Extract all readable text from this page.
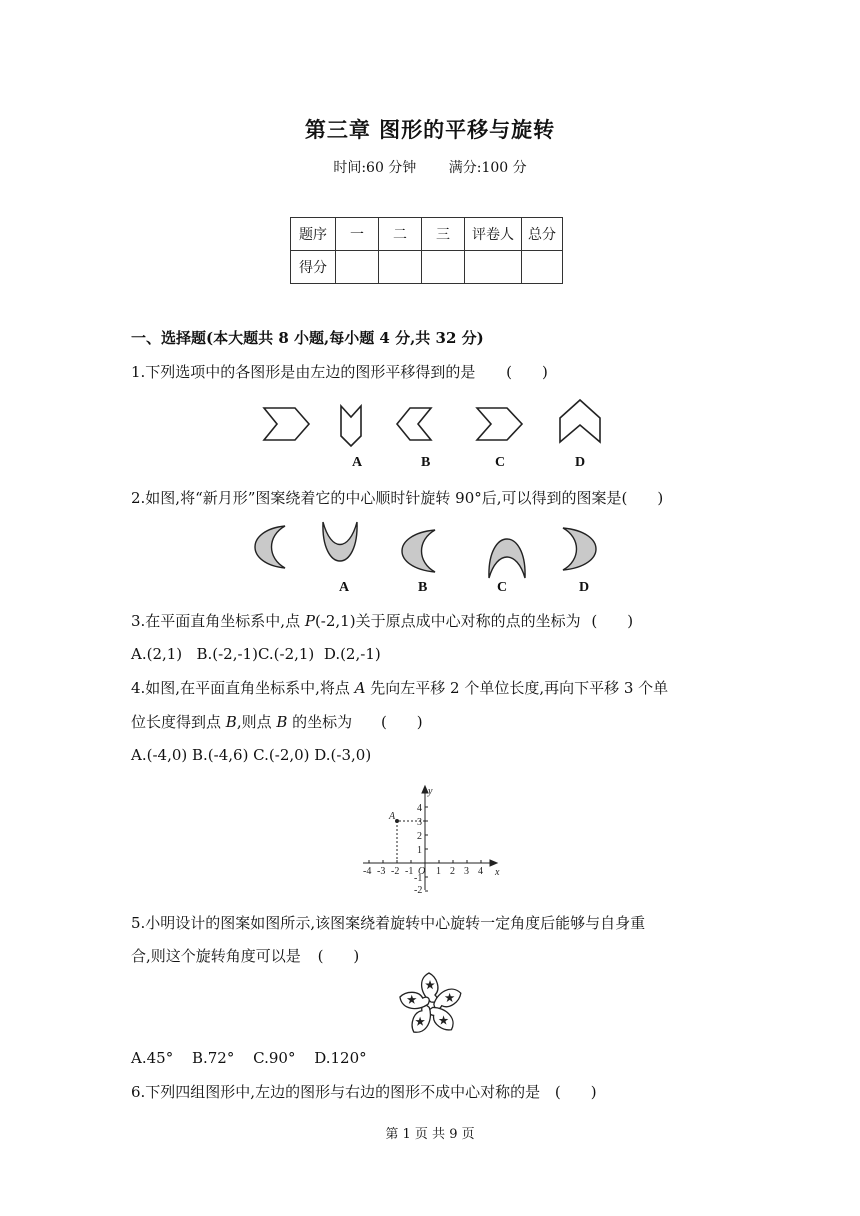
第三章 图形的平移与旋转
时间:60 分钟 满分:100 分
题序	一	二	三	评卷人	总分
得分					
一、选择题(本大题共 8 小题,每小题 4 分,共 32 分)
1.下列选项中的各图形是由左边的图形平移得到的是 (　　)
A	B	C	D
2.如图,将“新月形”图案绕着它的中心顺时针旋转 90°后,可以得到的图案是(　　)
A	B	C	D
3.在平面直角坐标系中,点 P(-2,1)关于原点成中心对称的点的坐标为 (　　)
A.(2,1)   B.(-2,-1)C.(-2,1)  D.(2,-1)
4.如图,在平面直角坐标系中,将点 A 先向左平移 2 个单位长度,再向下平移 3 个单
位长度得到点 B,则点 B 的坐标为 (　　)
A.(-4,0) B.(-4,6) C.(-2,0) D.(-3,0)
A
y
x
O
-4 -3 -2 -1 1 2 3 4
4
3
2
1
-1
-2
5.小明设计的图案如图所示,该图案绕着旋转中心旋转一定角度后能够与自身重
合,则这个旋转角度可以是 (　　)
A.45° B.72° C.90° D.120°
6.下列四组图形中,左边的图形与右边的图形不成中心对称的是 (　　)
第 1 页 共 9 页
